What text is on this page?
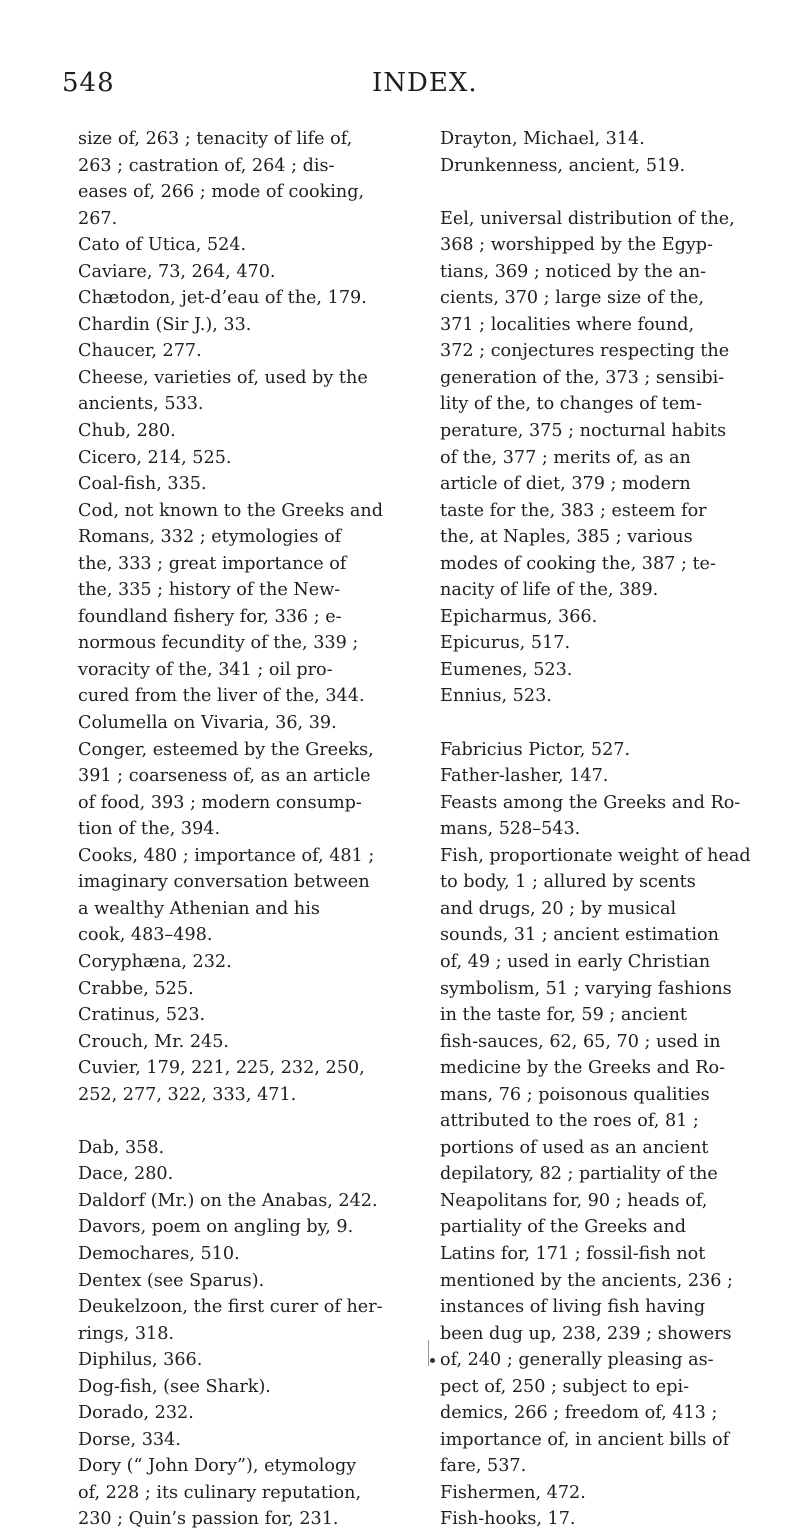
548	INDEX.
size of, 263 ; tenacity of life of,
263 ; castration of, 264 ; dis-
eases of, 266 ; mode of cooking,
267.
Cato of Utica, 524.
Caviare, 73, 264, 470.
Chætodon, jet-d’eau of the, 179.
Chardin (Sir J.), 33.
Chaucer, 277.
Cheese, varieties of, used by the
ancients, 533.
Chub, 280.
Cicero, 214, 525.
Coal-fish, 335.
Cod, not known to the Greeks and
Romans, 332 ; etymologies of
the, 333 ; great importance of
the, 335 ; history of the New-
foundland fishery for, 336 ; e-
normous fecundity of the, 339 ;
voracity of the, 341 ; oil pro-
cured from the liver of the, 344.
Columella on Vivaria, 36, 39.
Conger, esteemed by the Greeks,
391 ; coarseness of, as an article
of food, 393 ; modern consump-
tion of the, 394.
Cooks, 480 ; importance of, 481 ;
imaginary conversation between
a wealthy Athenian and his
cook, 483–498.
Coryphæna, 232.
Crabbe, 525.
Cratinus, 523.
Crouch, Mr. 245.
Cuvier, 179, 221, 225, 232, 250,
252, 277, 322, 333, 471.
Dab, 358.
Dace, 280.
Daldorf (Mr.) on the Anabas, 242.
Davors, poem on angling by, 9.
Demochares, 510.
Dentex (see Sparus).
Deukelzoon, the first curer of her-
rings, 318.
Diphilus, 366.
Dog-fish, (see Shark).
Dorado, 232.
Dorse, 334.
Dory (“ John Dory”), etymology
of, 228 ; its culinary reputation,
230 ; Quin’s passion for, 231.
Drayton, Michael, 314.
Drunkenness, ancient, 519.
Eel, universal distribution of the,
368 ; worshipped by the Egyp-
tians, 369 ; noticed by the an-
cients, 370 ; large size of the,
371 ; localities where found,
372 ; conjectures respecting the
generation of the, 373 ; sensibi-
lity of the, to changes of tem-
perature, 375 ; nocturnal habits
of the, 377 ; merits of, as an
article of diet, 379 ; modern
taste for the, 383 ; esteem for
the, at Naples, 385 ; various
modes of cooking the, 387 ; te-
nacity of life of the, 389.
Epicharmus, 366.
Epicurus, 517.
Eumenes, 523.
Ennius, 523.
Fabricius Pictor, 527.
Father-lasher, 147.
Feasts among the Greeks and Ro-
mans, 528–543.
Fish, proportionate weight of head
to body, 1 ; allured by scents
and drugs, 20 ; by musical
sounds, 31 ; ancient estimation
of, 49 ; used in early Christian
symbolism, 51 ; varying fashions
in the taste for, 59 ; ancient
fish-sauces, 62, 65, 70 ; used in
medicine by the Greeks and Ro-
mans, 76 ; poisonous qualities
attributed to the roes of, 81 ;
portions of used as an ancient
depilatory, 82 ; partiality of the
Neapolitans for, 90 ; heads of,
partiality of the Greeks and
Latins for, 171 ; fossil-fish not
mentioned by the ancients, 236 ;
instances of living fish having
been dug up, 238, 239 ; showers
of, 240 ; generally pleasing as-
pect of, 250 ; subject to epi-
demics, 266 ; freedom of, 413 ;
importance of, in ancient bills of
fare, 537.
Fishermen, 472.
Fish-hooks, 17.
